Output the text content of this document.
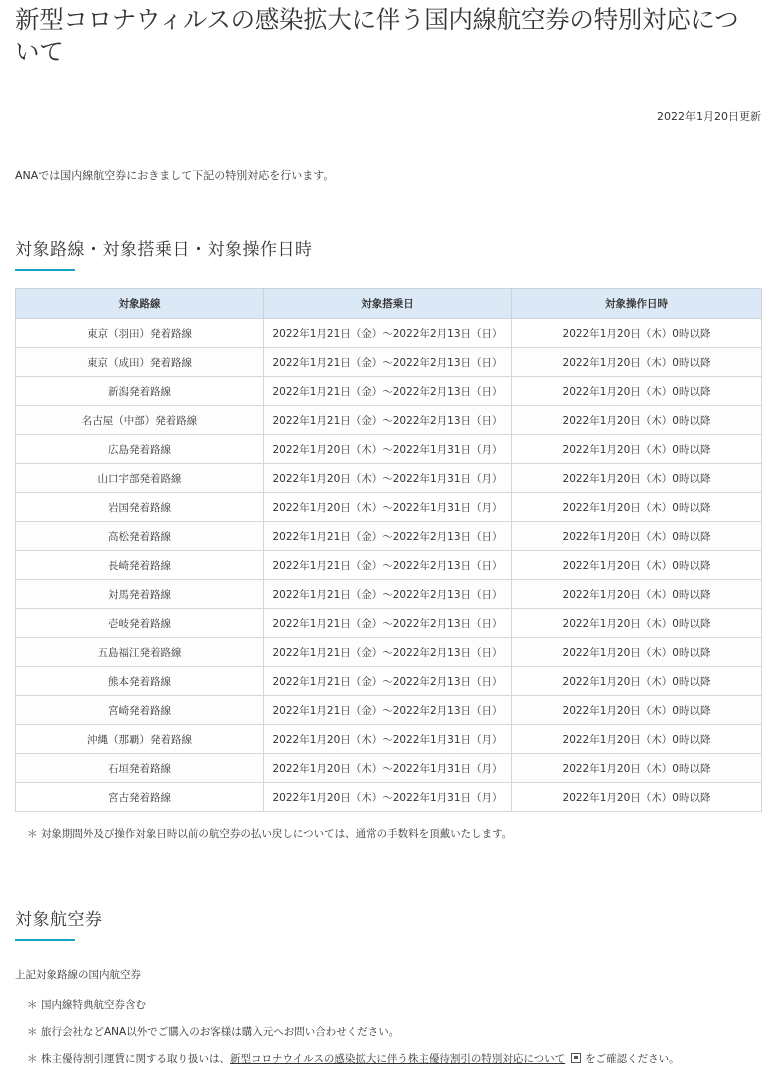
新型コロナウィルスの感染拡大に伴う国内線航空券の特別対応について
2022年1月20日更新
ANAでは国内線航空券におきまして下記の特別対応を行います。
対象路線・対象搭乗日・対象操作日時
対象路線	対象搭乗日	対象操作日時
東京（羽田）発着路線	2022年1月21日（金）～2022年2月13日（日）	2022年1月20日（木）0時以降
東京（成田）発着路線	2022年1月21日（金）～2022年2月13日（日）	2022年1月20日（木）0時以降
新潟発着路線	2022年1月21日（金）～2022年2月13日（日）	2022年1月20日（木）0時以降
名古屋（中部）発着路線	2022年1月21日（金）～2022年2月13日（日）	2022年1月20日（木）0時以降
広島発着路線	2022年1月20日（木）～2022年1月31日（月）	2022年1月20日（木）0時以降
山口宇部発着路線	2022年1月20日（木）～2022年1月31日（月）	2022年1月20日（木）0時以降
岩国発着路線	2022年1月20日（木）～2022年1月31日（月）	2022年1月20日（木）0時以降
高松発着路線	2022年1月21日（金）～2022年2月13日（日）	2022年1月20日（木）0時以降
長崎発着路線	2022年1月21日（金）～2022年2月13日（日）	2022年1月20日（木）0時以降
対馬発着路線	2022年1月21日（金）～2022年2月13日（日）	2022年1月20日（木）0時以降
壱岐発着路線	2022年1月21日（金）～2022年2月13日（日）	2022年1月20日（木）0時以降
五島福江発着路線	2022年1月21日（金）～2022年2月13日（日）	2022年1月20日（木）0時以降
熊本発着路線	2022年1月21日（金）～2022年2月13日（日）	2022年1月20日（木）0時以降
宮崎発着路線	2022年1月21日（金）～2022年2月13日（日）	2022年1月20日（木）0時以降
沖縄（那覇）発着路線	2022年1月20日（木）～2022年1月31日（月）	2022年1月20日（木）0時以降
石垣発着路線	2022年1月20日（木）～2022年1月31日（月）	2022年1月20日（木）0時以降
宮古発着路線	2022年1月20日（木）～2022年1月31日（月）	2022年1月20日（木）0時以降
＊ 対象期間外及び操作対象日時以前の航空券の払い戻しについては、通常の手数料を頂戴いたします。
対象航空券
上記対象路線の国内航空券
＊ 国内線特典航空券含む
＊ 旅行会社などANA以外でご購入のお客様は購入元へお問い合わせください。
＊ 株主優待割引運賃に関する取り扱いは、新型コロナウイルスの感染拡大に伴う株主優待割引の特別対応について をご確認ください。
